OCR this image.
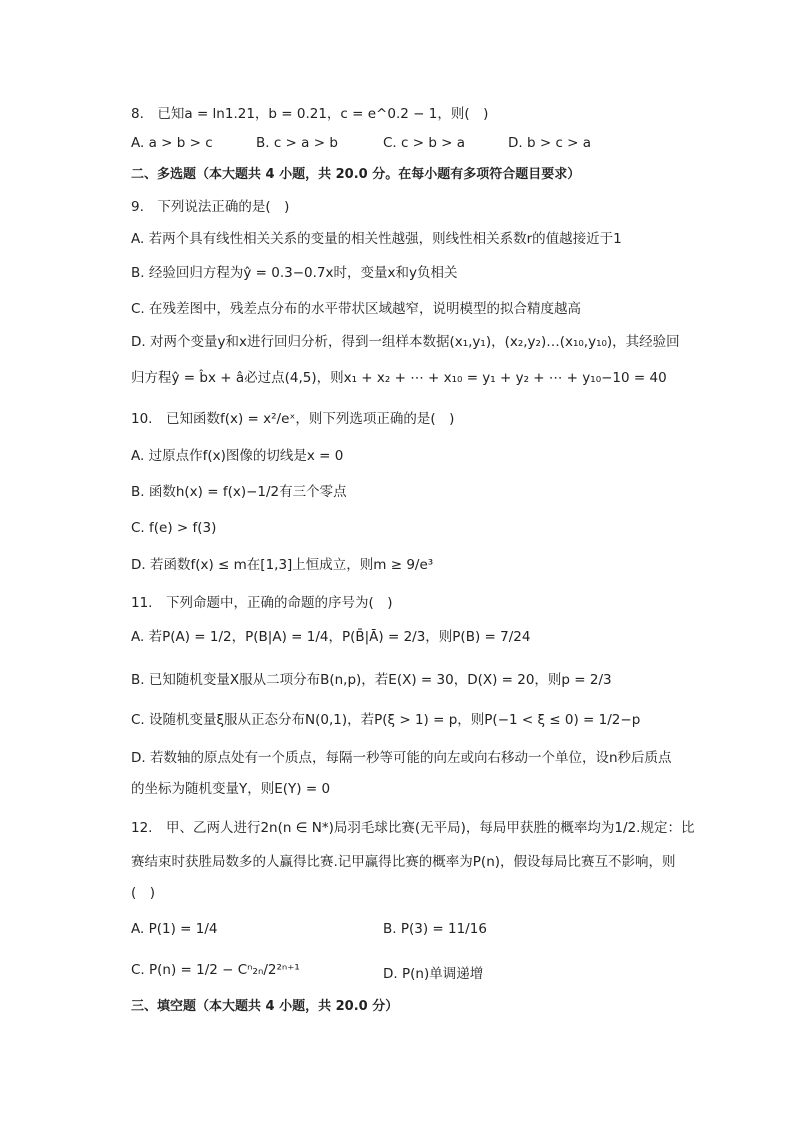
8.　已知a = ln1.21，b = 0.21，c = e^0.2 − 1，则(　)
A. a > b > c	B. c > a > b	C. c > b > a	D. b > c > a
二、多选题（本大题共 4 小题，共 20.0 分。在每小题有多项符合题目要求）
9.　下列说法正确的是(　)
A. 若两个具有线性相关关系的变量的相关性越强，则线性相关系数r的值越接近于1
B. 经验回归方程为ŷ = 0.3−0.7x时，变量x和y负相关
C. 在残差图中，残差点分布的水平带状区域越窄，说明模型的拟合精度越高
D. 对两个变量y和x进行回归分析，得到一组样本数据(x₁,y₁)，(x₂,y₂)…(x₁₀,y₁₀)，其经验回
归方程ŷ = b̂x + â必过点(4,5)，则x₁ + x₂ + ⋯ + x₁₀ = y₁ + y₂ + ⋯ + y₁₀−10 = 40
10.　已知函数f(x) = x²/eˣ，则下列选项正确的是(　)
A. 过原点作f(x)图像的切线是x = 0
B. 函数h(x) = f(x)−1/2有三个零点
C. f(e) > f(3)
D. 若函数f(x) ≤ m在[1,3]上恒成立，则m ≥ 9/e³
11.　下列命题中，正确的命题的序号为(　)
A. 若P(A) = 1/2，P(B|A) = 1/4，P(B̄|Ā) = 2/3，则P(B) = 7/24
B. 已知随机变量X服从二项分布B(n,p)，若E(X) = 30，D(X) = 20，则p = 2/3
C. 设随机变量ξ服从正态分布N(0,1)，若P(ξ > 1) = p，则P(−1 < ξ ≤ 0) = 1/2−p
D. 若数轴的原点处有一个质点，每隔一秒等可能的向左或向右移动一个单位，设n秒后质点
的坐标为随机变量Y，则E(Y) = 0
12.　甲、乙两人进行2n(n ∈ N*)局羽毛球比赛(无平局)，每局甲获胜的概率均为1/2.规定：比
赛结束时获胜局数多的人赢得比赛.记甲赢得比赛的概率为P(n)，假设每局比赛互不影响，则
(　)
A. P(1) = 1/4	B. P(3) = 11/16
C. P(n) = 1/2 − Cⁿ₂ₙ/2²ⁿ⁺¹	D. P(n)单调递增
三、填空题（本大题共 4 小题，共 20.0 分）
